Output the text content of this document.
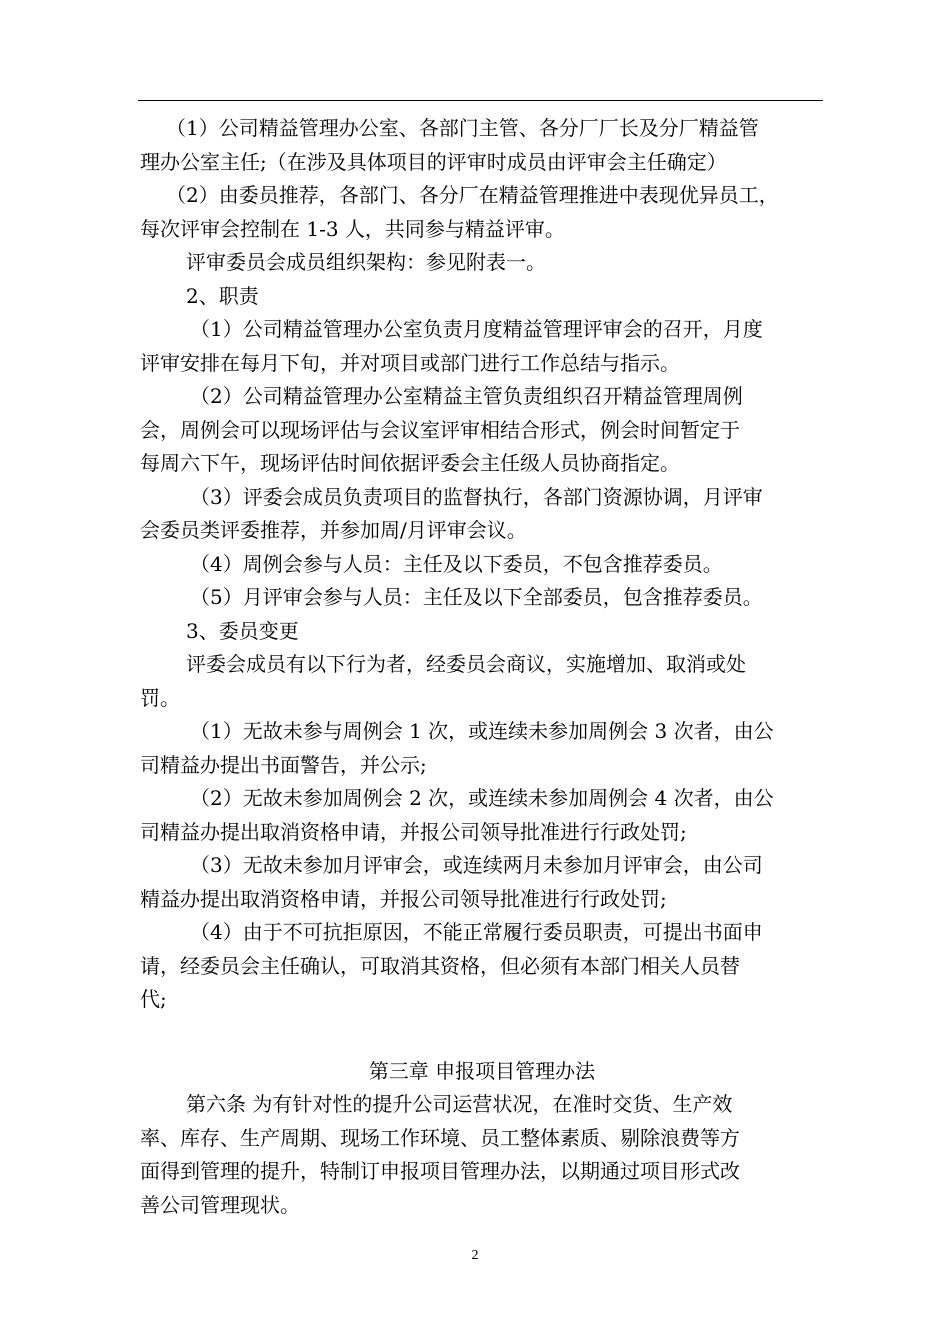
（1）公司精益管理办公室、各部门主管、各分厂厂长及分厂精益管

理办公室主任;（在涉及具体项目的评审时成员由评审会主任确定）

（2）由委员推荐，各部门、各分厂在精益管理推进中表现优异员工，

每次评审会控制在 1-3 人，共同参与精益评审。

评审委员会成员组织架构：参见附表一。

2、职责

（1）公司精益管理办公室负责月度精益管理评审会的召开，月度

评审安排在每月下旬，并对项目或部门进行工作总结与指示。

（2）公司精益管理办公室精益主管负责组织召开精益管理周例

会，周例会可以现场评估与会议室评审相结合形式，例会时间暂定于

每周六下午，现场评估时间依据评委会主任级人员协商指定。

（3）评委会成员负责项目的监督执行，各部门资源协调，月评审

会委员类评委推荐，并参加周/月评审会议。

（4）周例会参与人员：主任及以下委员，不包含推荐委员。

（5）月评审会参与人员：主任及以下全部委员，包含推荐委员。

3、委员变更

评委会成员有以下行为者，经委员会商议，实施增加、取消或处

罚。

（1）无故未参与周例会 1 次，或连续未参加周例会 3 次者，由公

司精益办提出书面警告，并公示;

（2）无故未参加周例会 2 次，或连续未参加周例会 4 次者，由公

司精益办提出取消资格申请，并报公司领导批准进行行政处罚;

（3）无故未参加月评审会，或连续两月未参加月评审会，由公司

精益办提出取消资格申请，并报公司领导批准进行行政处罚;

（4）由于不可抗拒原因，不能正常履行委员职责，可提出书面申

请，经委员会主任确认，可取消其资格，但必须有本部门相关人员替

代;

第三章 申报项目管理办法

第六条 为有针对性的提升公司运营状况，在准时交货、生产效

率、库存、生产周期、现场工作环境、员工整体素质、剔除浪费等方

面得到管理的提升，特制订申报项目管理办法，以期通过项目形式改

善公司管理现状。

2
